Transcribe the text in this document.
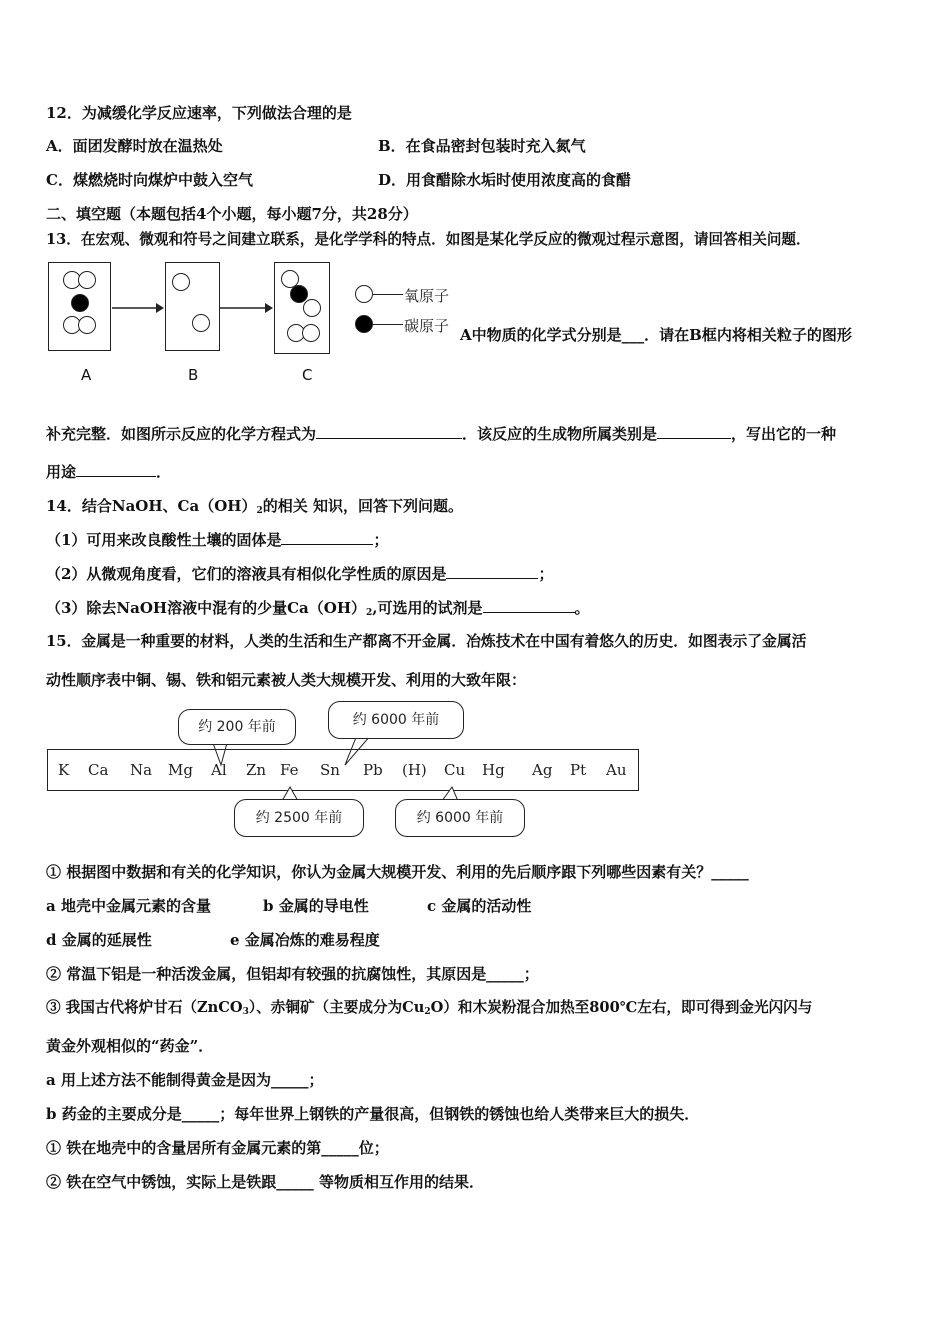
12．为减缓化学反应速率，下列做法合理的是
A．面团发酵时放在温热处	B．在食品密封包装时充入氮气
C．煤燃烧时向煤炉中鼓入空气	D．用食醋除水垢时使用浓度高的食醋
二、填空题（本题包括4个小题，每小题7分，共28分）
13．在宏观、微观和符号之间建立联系，是化学学科的特点．如图是某化学反应的微观过程示意图，请回答相关问题．
A	B	C
氧原子
碳原子 A中物质的化学式分别是___．请在B框内将相关粒子的图形
补充完整．如图所示反应的化学方程式为	．该反应的生成物所属类别是	，写出它的一种
用途	．
14．结合NaOH、$Ca(OH)_2$的相关 知识，回答下列问题。
（1）可用来改良酸性土壤的固体是	；
（2）从微观角度看，它们的溶液具有相似化学性质的原因是	；
（3）除去NaOH溶液中混有的少量$Ca(OH)_2$,可选用的试剂是	。
15．金属是一种重要的材料，人类的生活和生产都离不开金属．冶炼技术在中国有着悠久的历史．如图表示了金属活
动性顺序表中铜、锡、铁和铝元素被人类大规模开发、利用的大致年限：
约 200 年前	约 6000 年前
K Ca Na Mg Al Zn Fe Sn Pb (H) Cu Hg Ag Pt Au
约 2500 年前	约 6000 年前
① 根据图中数据和有关的化学知识，你认为金属大规模开发、利用的先后顺序跟下列哪些因素有关？_____
a 地壳中金属元素的含量	b 金属的导电性	c 金属的活动性
d 金属的延展性	e 金属冶炼的难易程度
② 常温下铝是一种活泼金属，但铝却有较强的抗腐蚀性，其原因是_____；
③ 我国古代将炉甘石（ZnCO$_3$）、赤铜矿（主要成分为$Cu_2O$）和木炭粉混合加热至800℃左右，即可得到金光闪闪与
黄金外观相似的“药金”．
a 用上述方法不能制得黄金是因为_____；
b 药金的主要成分是_____；每年世界上钢铁的产量很高，但钢铁的锈蚀也给人类带来巨大的损失．
① 铁在地壳中的含量居所有金属元素的第_____位；
② 铁在空气中锈蚀，实际上是铁跟_____ 等物质相互作用的结果．
